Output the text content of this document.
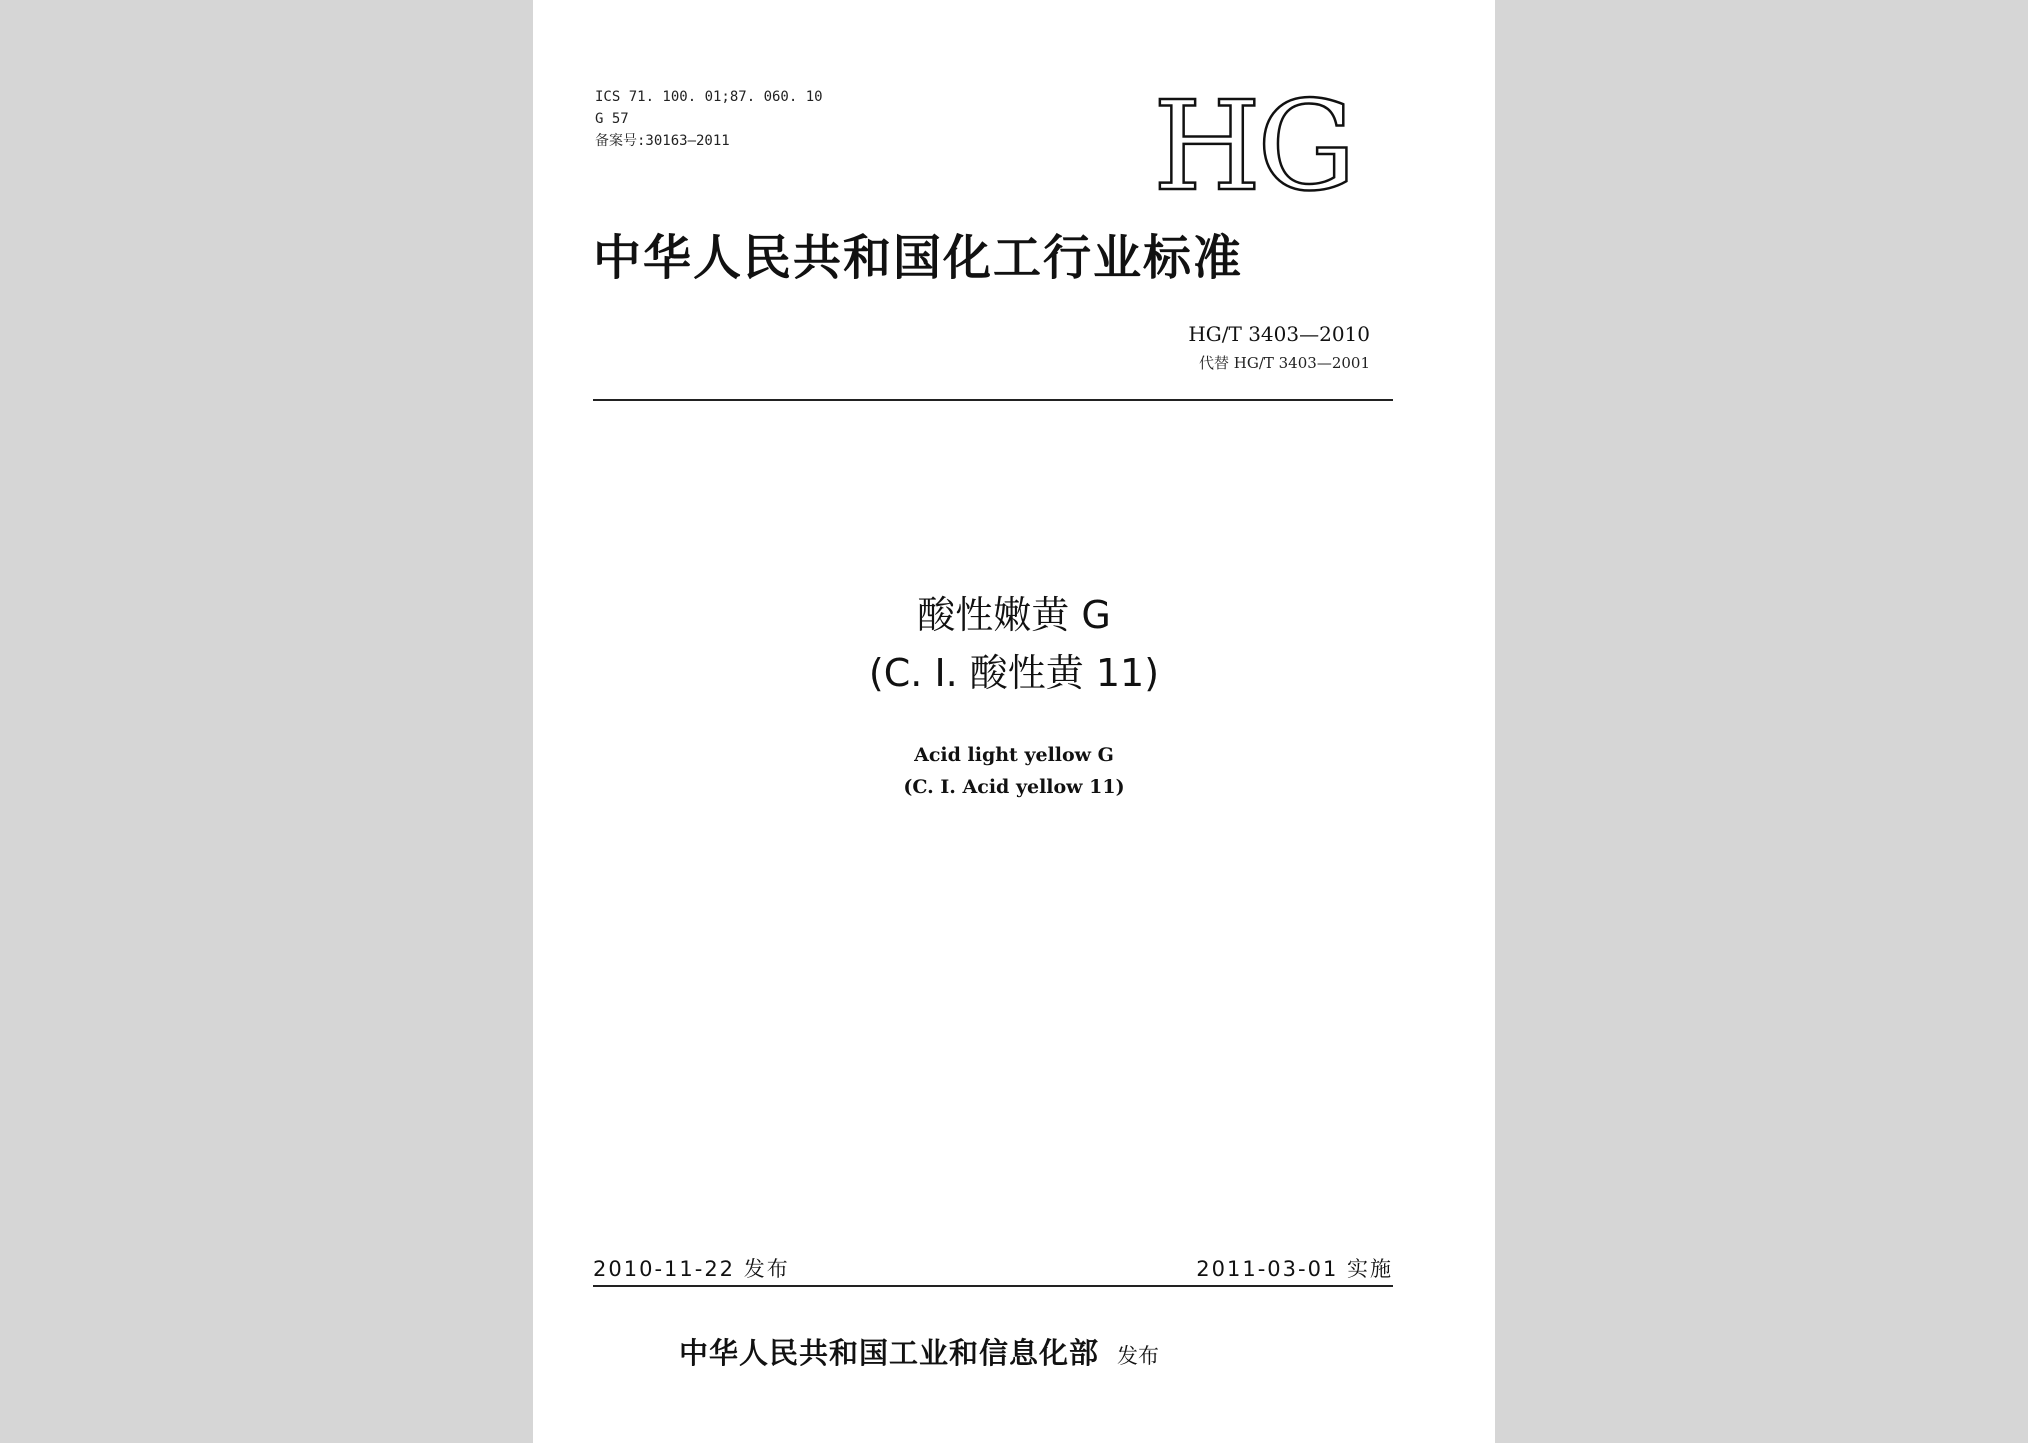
ICS 71. 100. 01;87. 060. 10
G 57
备案号:30163—2011	HG
中华人民共和国化工行业标准
HG/T 3403—2010
代替 HG/T 3403—2001
酸性嫩黄 G
(C. I. 酸性黄 11)
Acid light yellow G
(C. I. Acid yellow 11)
2010-11-22 发布	2011-03-01 实施
中华人民共和国工业和信息化部 发布
